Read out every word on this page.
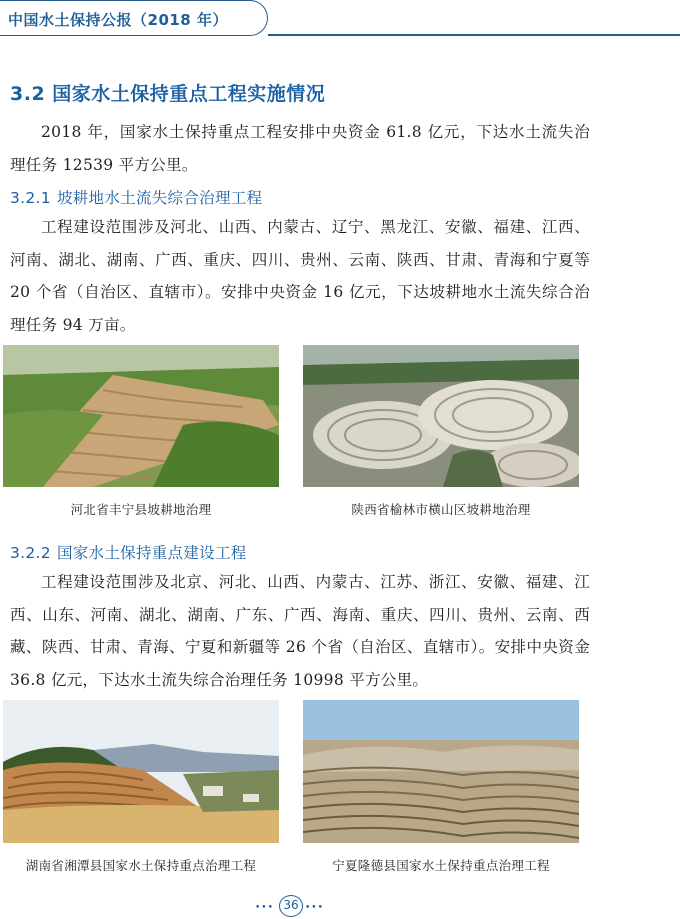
中国水土保持公报（2018 年）
3.2 国家水土保持重点工程实施情况
2018 年，国家水土保持重点工程安排中央资金 61.8 亿元，下达水土流失治理任务 12539 平方公里。
3.2.1 坡耕地水土流失综合治理工程
工程建设范围涉及河北、山西、内蒙古、辽宁、黑龙江、安徽、福建、江西、河南、湖北、湖南、广西、重庆、四川、贵州、云南、陕西、甘肃、青海和宁夏等 20 个省（自治区、直辖市）。安排中央资金 16 亿元，下达坡耕地水土流失综合治理任务 94 万亩。
河北省丰宁县坡耕地治理	陕西省榆林市横山区坡耕地治理
3.2.2 国家水土保持重点建设工程
工程建设范围涉及北京、河北、山西、内蒙古、江苏、浙江、安徽、福建、江西、山东、河南、湖北、湖南、广东、广西、海南、重庆、四川、贵州、云南、西藏、陕西、甘肃、青海、宁夏和新疆等 26 个省（自治区、直辖市）。安排中央资金 36.8 亿元，下达水土流失综合治理任务 10998 平方公里。
湖南省湘潭县国家水土保持重点治理工程	宁夏隆德县国家水土保持重点治理工程
••• 36 •••
